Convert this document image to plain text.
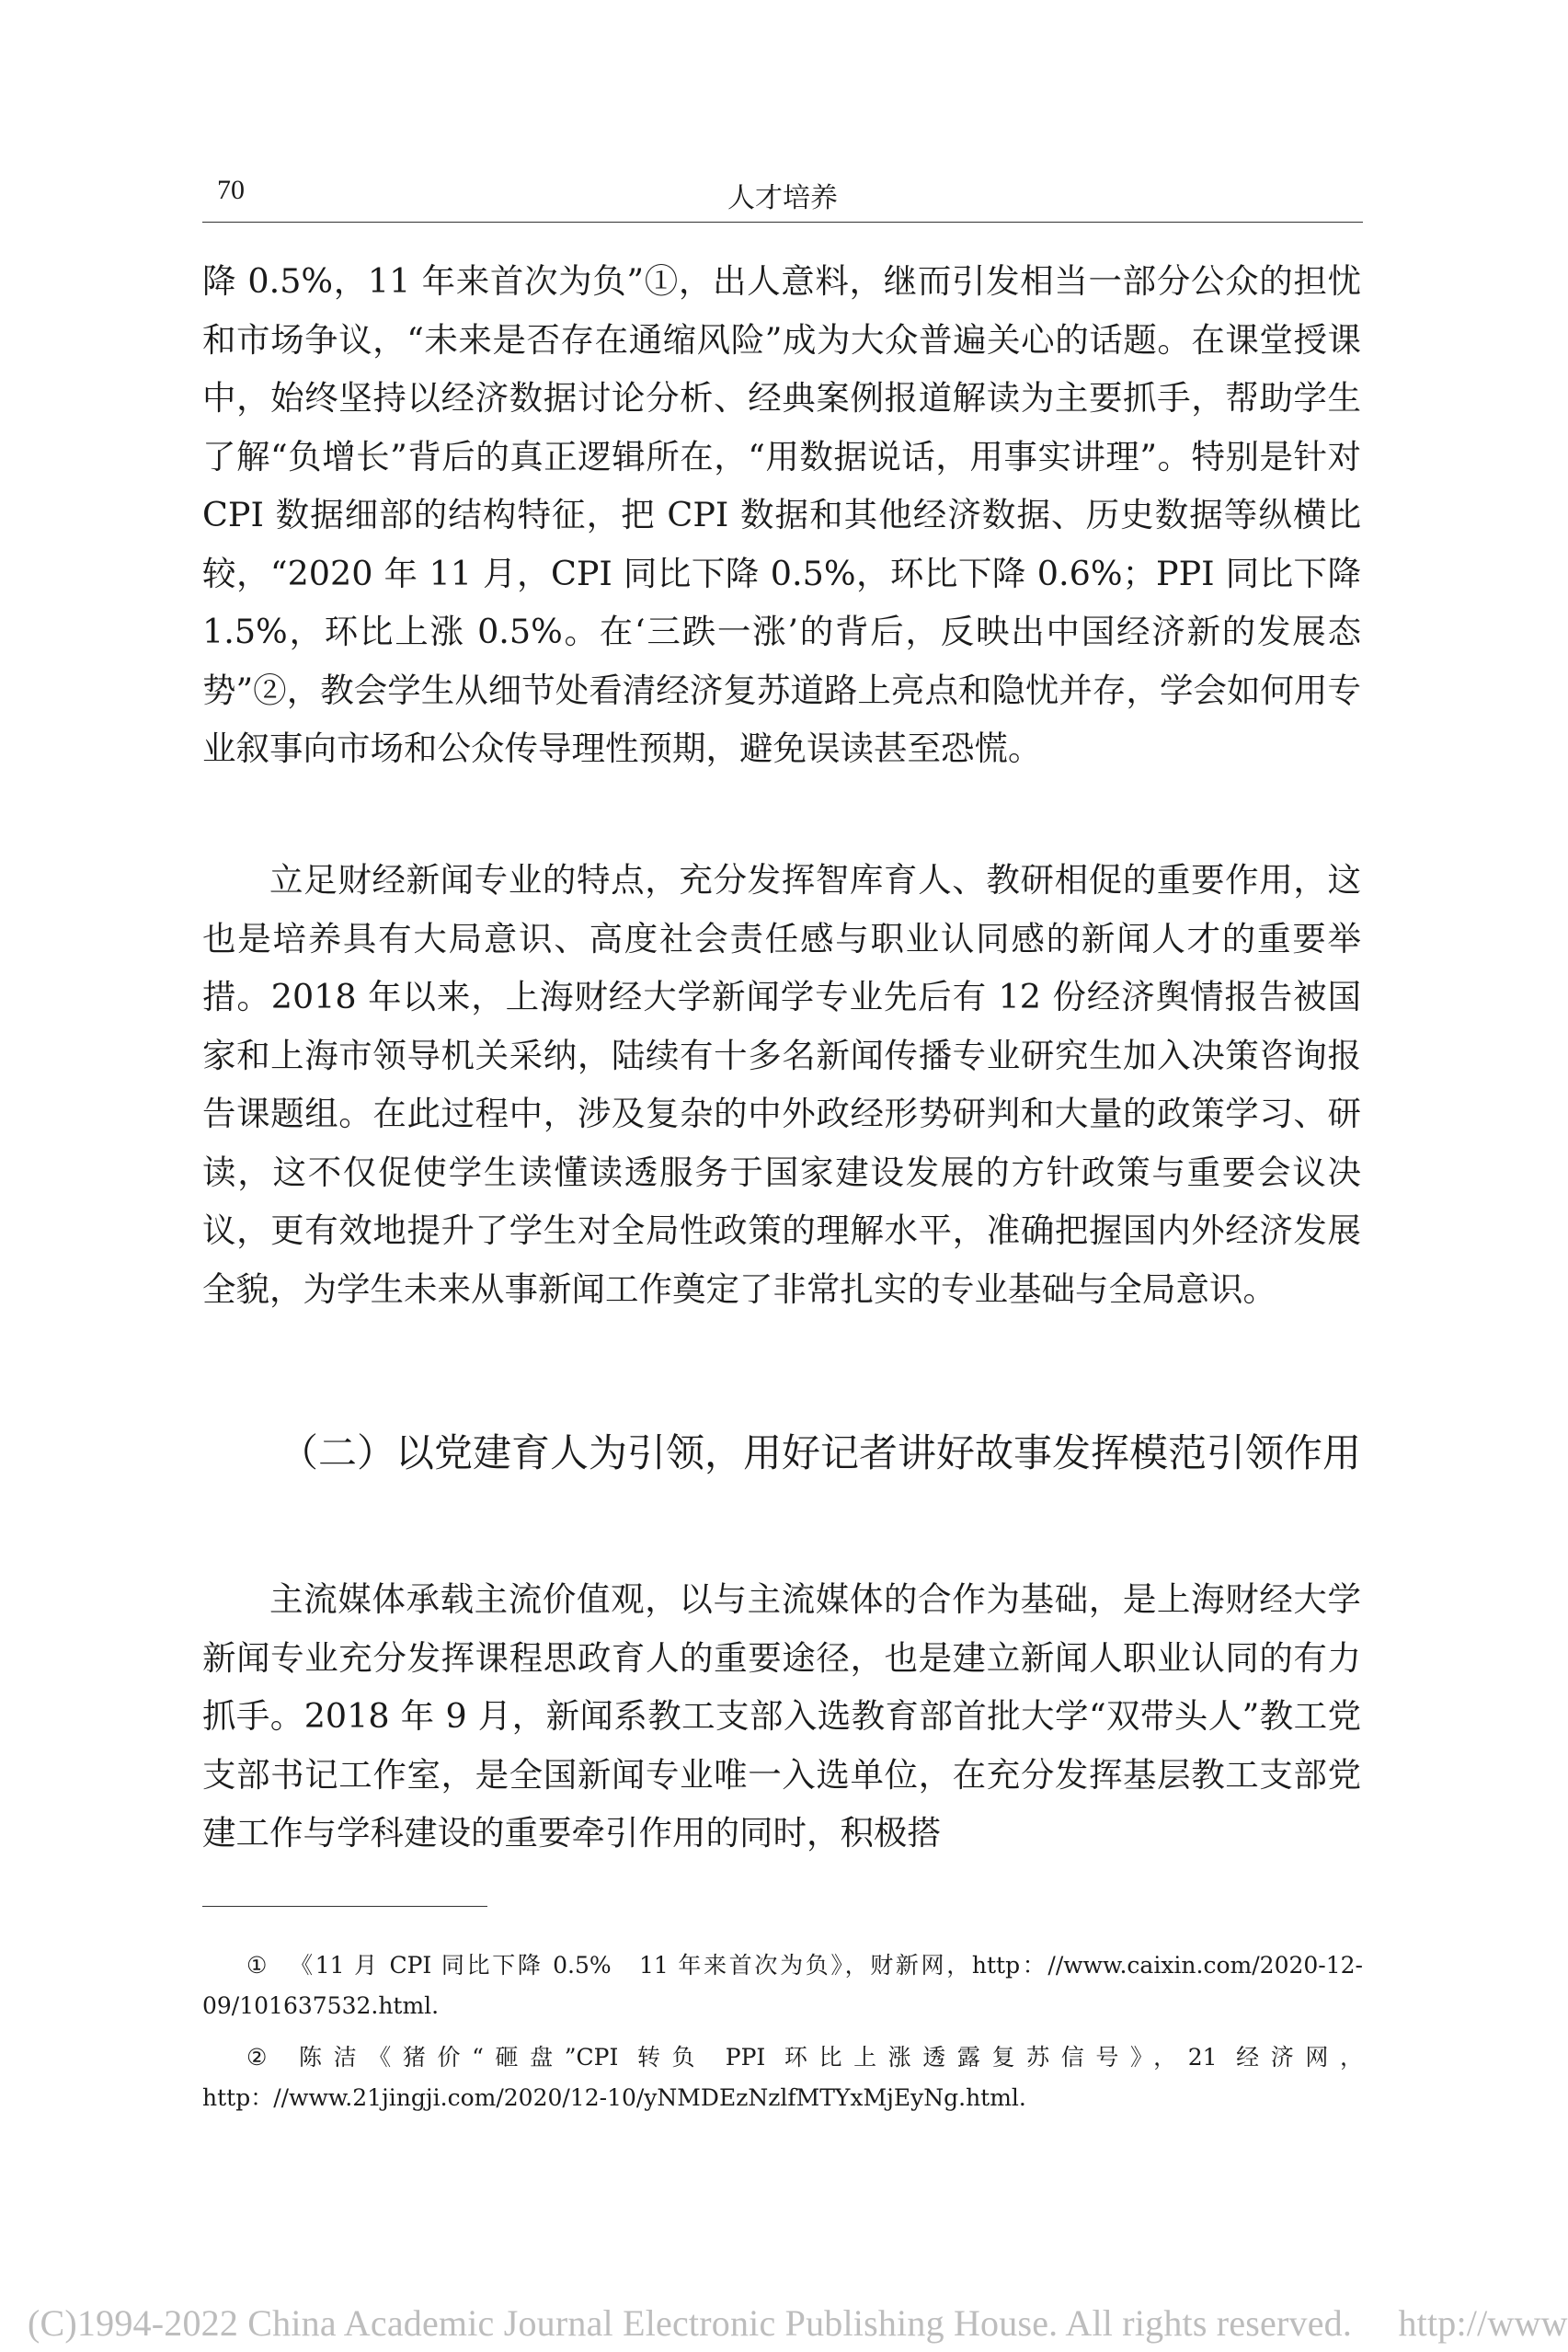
70	人才培养

降 0.5%，11 年来首次为负”①，出人意料，继而引发相当一部分公众的担忧和市场争议，“未来是否存在通缩风险”成为大众普遍关心的话题。在课堂授课中，始终坚持以经济数据讨论分析、经典案例报道解读为主要抓手，帮助学生了解“负增长”背后的真正逻辑所在，“用数据说话，用事实讲理”。特别是针对 CPI 数据细部的结构特征，把 CPI 数据和其他经济数据、历史数据等纵横比较，“2020 年 11 月，CPI 同比下降 0.5%，环比下降 0.6%；PPI 同比下降 1.5%，环比上涨 0.5%。在‘三跌一涨’的背后，反映出中国经济新的发展态势”②，教会学生从细节处看清经济复苏道路上亮点和隐忧并存，学会如何用专业叙事向市场和公众传导理性预期，避免误读甚至恐慌。

立足财经新闻专业的特点，充分发挥智库育人、教研相促的重要作用，这也是培养具有大局意识、高度社会责任感与职业认同感的新闻人才的重要举措。2018 年以来，上海财经大学新闻学专业先后有 12 份经济舆情报告被国家和上海市领导机关采纳，陆续有十多名新闻传播专业研究生加入决策咨询报告课题组。在此过程中，涉及复杂的中外政经形势研判和大量的政策学习、研读，这不仅促使学生读懂读透服务于国家建设发展的方针政策与重要会议决议，更有效地提升了学生对全局性政策的理解水平，准确把握国内外经济发展全貌，为学生未来从事新闻工作奠定了非常扎实的专业基础与全局意识。

（二）以党建育人为引领，用好记者讲好故事发挥模范引领作用

主流媒体承载主流价值观，以与主流媒体的合作为基础，是上海财经大学新闻专业充分发挥课程思政育人的重要途径，也是建立新闻人职业认同的有力抓手。2018 年 9 月，新闻系教工支部入选教育部首批大学“双带头人”教工党支部书记工作室，是全国新闻专业唯一入选单位，在充分发挥基层教工支部党建工作与学科建设的重要牵引作用的同时，积极搭

① 《11 月 CPI 同比下降 0.5%　11 年来首次为负》，财新网，http：//www.caixin.com/2020-12-09/101637532.html.

② 陈洁《猪价“砸盘”CPI 转负 PPI 环比上涨透露复苏信号》，21 经济网，http：//www.21jingji.com/2020/12-10/yNMDEzNzlfMTYxMjEyNg.html.

(C)1994-2022 China Academic Journal Electronic Publishing House. All rights reserved.　 http://www
